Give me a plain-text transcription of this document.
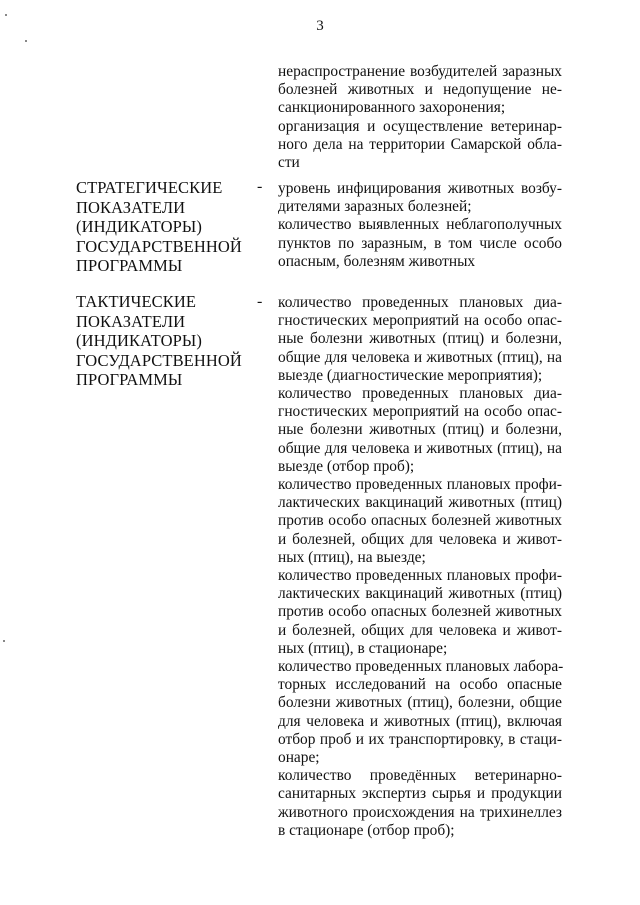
3
нераспространение возбудителей заразных
болезней животных и недопущение не-
санкционированного захоронения;
организация и осуществление ветеринар-
ного дела на территории Самарской обла-
сти
СТРАТЕГИЧЕСКИЕ
ПОКАЗАТЕЛИ
(ИНДИКАТОРЫ)
ГОСУДАРСТВЕННОЙ
ПРОГРАММЫ
- уровень инфицирования животных возбу-
дителями заразных болезней;
количество выявленных неблагополучных
пунктов по заразным, в том числе особо
опасным, болезням животных
ТАКТИЧЕСКИЕ
ПОКАЗАТЕЛИ
(ИНДИКАТОРЫ)
ГОСУДАРСТВЕННОЙ
ПРОГРАММЫ
- количество проведенных плановых диа-
гностических мероприятий на особо опас-
ные болезни животных (птиц) и болезни,
общие для человека и животных (птиц), на
выезде (диагностические мероприятия);
количество проведенных плановых диа-
гностических мероприятий на особо опас-
ные болезни животных (птиц) и болезни,
общие для человека и животных (птиц), на
выезде (отбор проб);
количество проведенных плановых профи-
лактических вакцинаций животных (птиц)
против особо опасных болезней животных
и болезней, общих для человека и живот-
ных (птиц), на выезде;
количество проведенных плановых профи-
лактических вакцинаций животных (птиц)
против особо опасных болезней животных
и болезней, общих для человека и живот-
ных (птиц), в стационаре;
количество проведенных плановых лабора-
торных исследований на особо опасные
болезни животных (птиц), болезни, общие
для человека и животных (птиц), включая
отбор проб и их транспортировку, в стаци-
онаре;
количество проведённых ветеринарно-
санитарных экспертиз сырья и продукции
животного происхождения на трихинеллез
в стационаре (отбор проб);
